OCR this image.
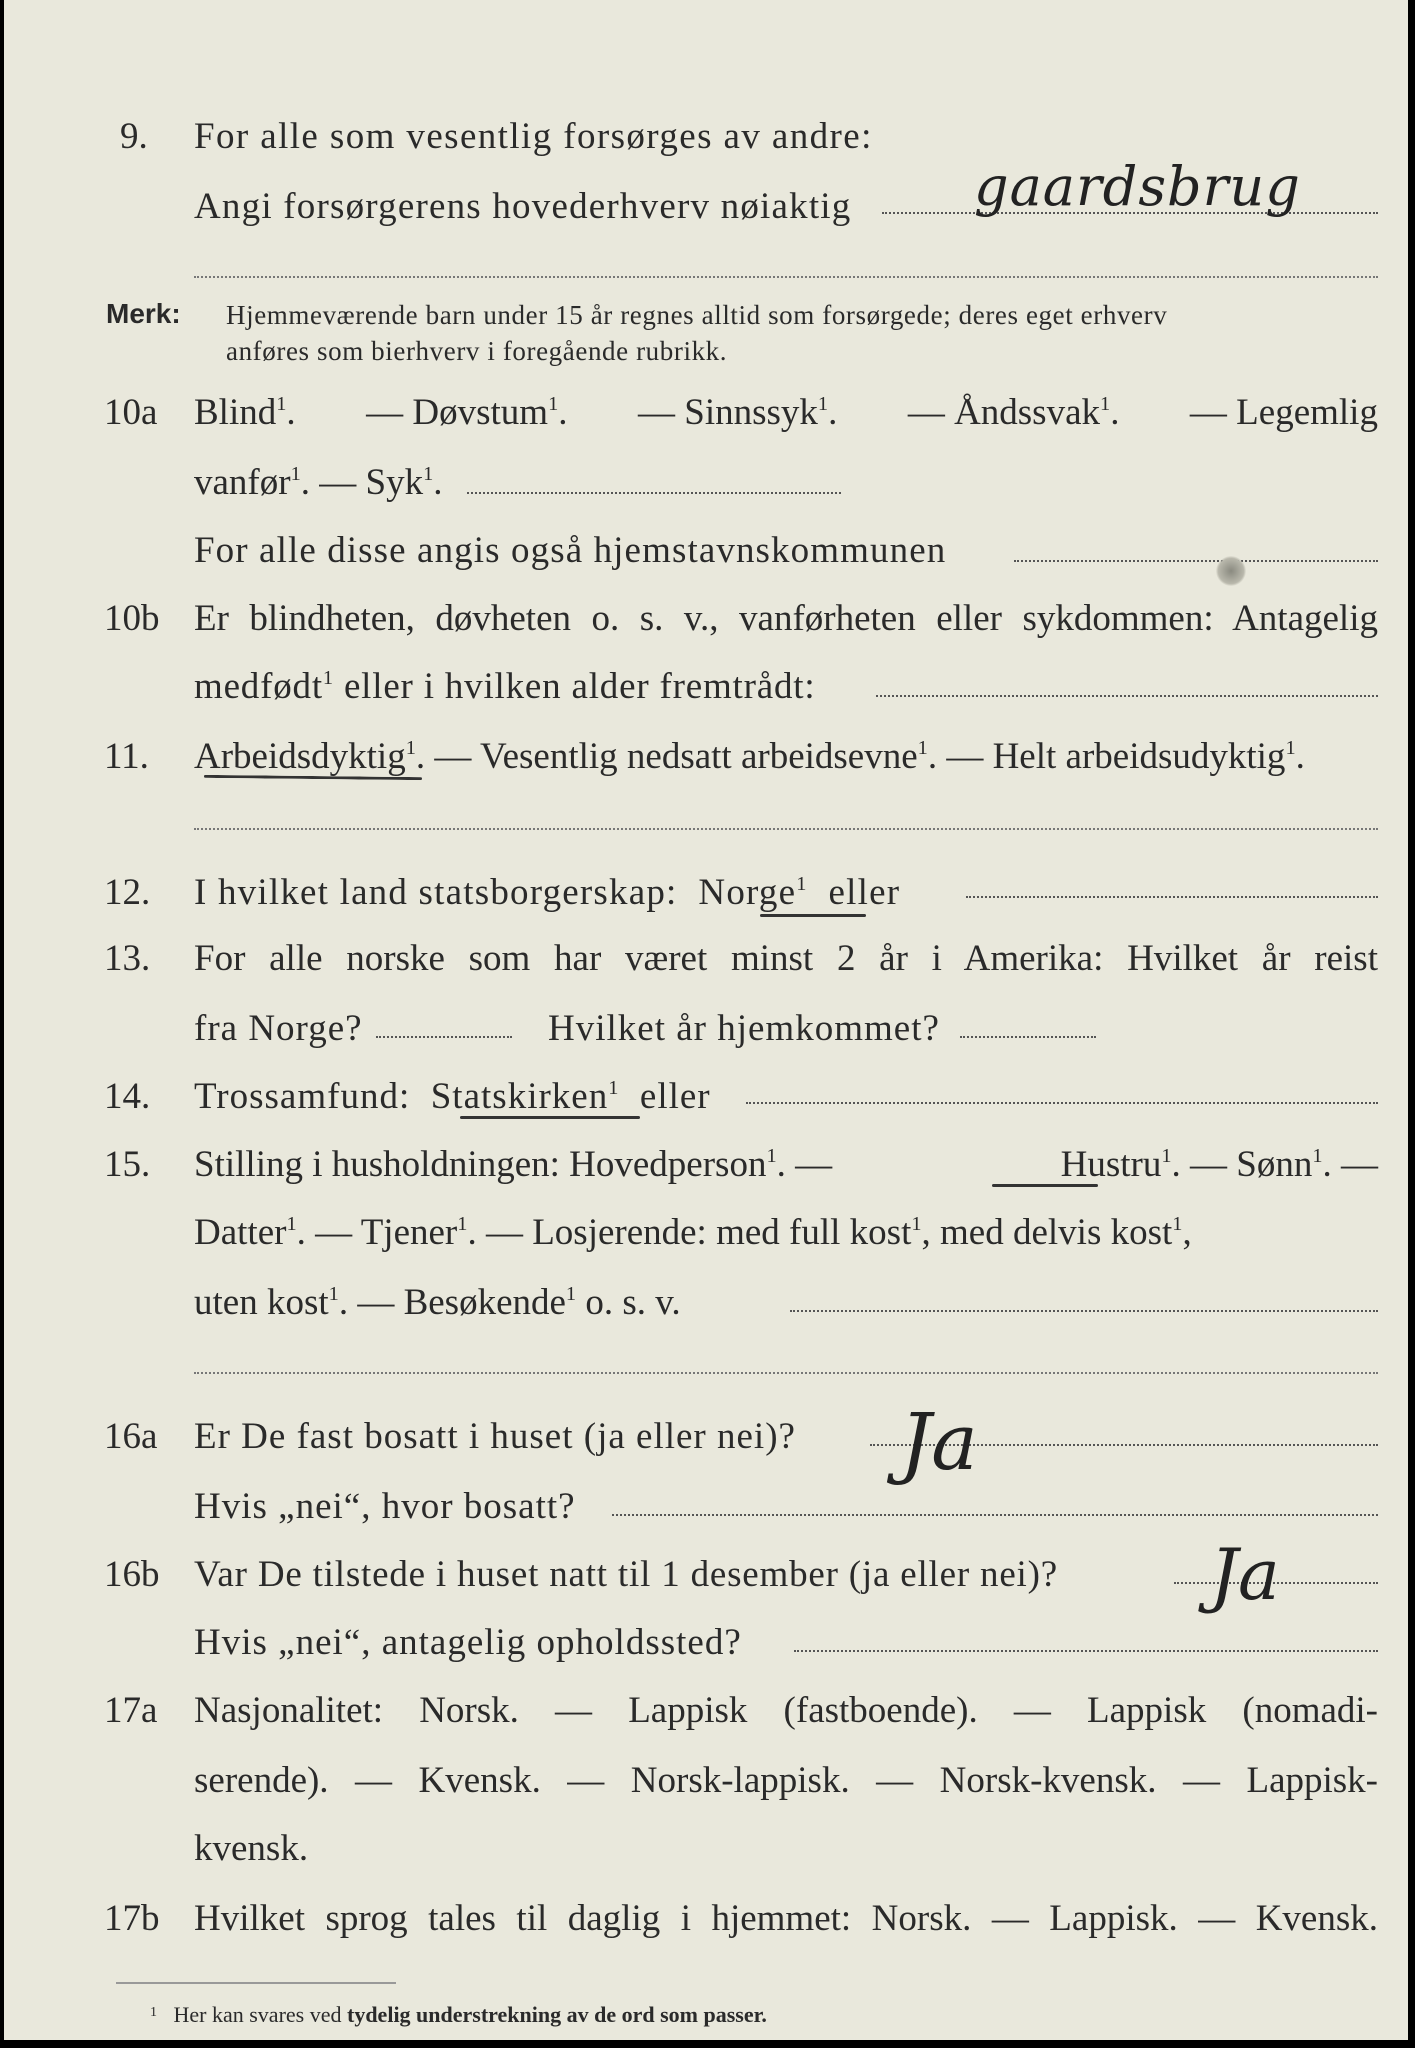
9. For alle som vesentlig forsørges av andre:
Angi forsørgerens hovederhverv nøiaktig gaardsbrug
Merk: Hjemmeværende barn under 15 år regnes alltid som forsørgede; deres eget erhverv
anføres som bierhverv i foregående rubrikk.
10a Blind$^1$. — Døvstum$^1$. — Sinnssyk$^1$. — Åndssvak$^1$. — Legemlig
vanfør$^1$. — Syk$^1$.
For alle disse angis også hjemstavnskommunen
10b Er blindheten, døvheten o. s. v., vanførheten eller sykdommen: Antagelig
medfødt$^1$ eller i hvilken alder fremtrådt:
11. Arbeidsdyktig$^1$. — Vesentlig nedsatt arbeidsevne$^1$. — Helt arbeidsudyktig$^1$.
12. I hvilket land statsborgerskap: Norge$^1$ eller
13. For alle norske som har været minst 2 år i Amerika: Hvilket år reist
fra Norge?	Hvilket år hjemkommet?
14. Trossamfund: Statskirken$^1$ eller
15. Stilling i husholdningen: Hovedperson$^1$. —	Hustru$^1$. — Sønn$^1$. —
Datter$^1$. — Tjener$^1$. — Losjerende: med full kost$^1$, med delvis kost$^1$,
uten kost$^1$. — Besøkende$^1$ o. s. v.
16a Er De fast bosatt i huset (ja eller nei)? Ja
Hvis „nei“, hvor bosatt?
16b Var De tilstede i huset natt til 1 desember (ja eller nei)? Ja
Hvis „nei“, antagelig opholdssted?
17a Nasjonalitet: Norsk. — Lappisk (fastboende). — Lappisk (nomadi-
serende). — Kvensk. — Norsk-lappisk. — Norsk-kvensk. — Lappisk-
kvensk.
17b Hvilket sprog tales til daglig i hjemmet: Norsk. — Lappisk. — Kvensk.
$^1$ Her kan svares ved tydelig understrekning av de ord som passer.
